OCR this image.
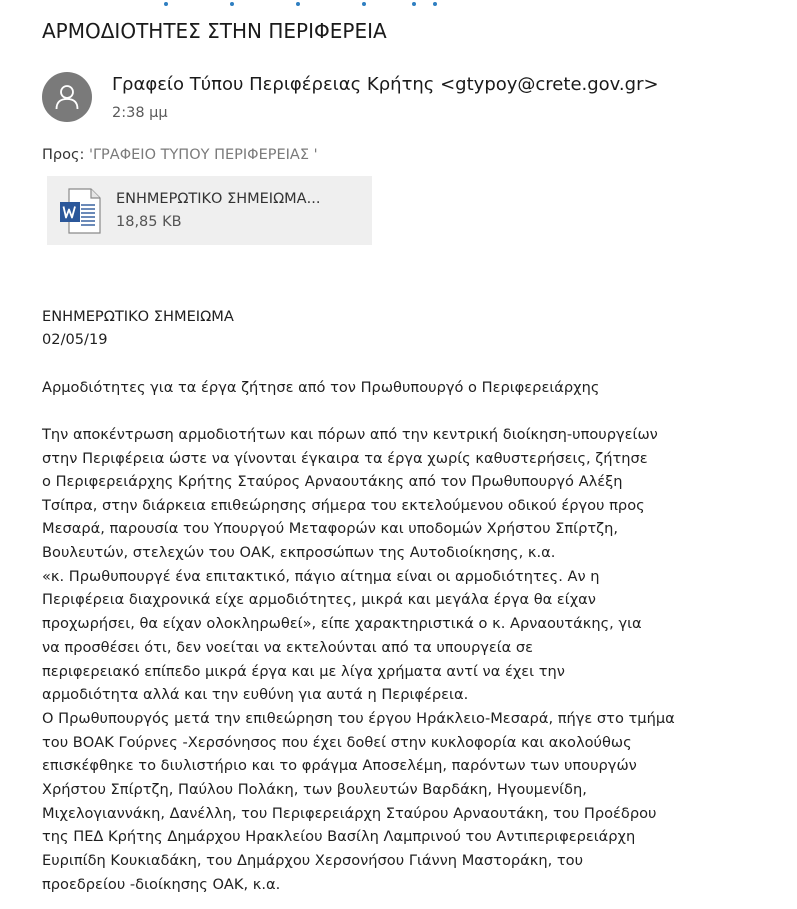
ΑΡΜΟΔΙΟΤΗΤΕΣ ΣΤΗΝ ΠΕΡΙΦΕΡΕΙΑ
Γραφείο Τύπου Περιφέρειας Κρήτης <gtypoy@crete.gov.gr>
2:38 μμ
Προς: 'ΓΡΑΦΕΙΟ ΤΥΠΟΥ ΠΕΡΙΦΕΡΕΙΑΣ '
ΕΝΗΜΕΡΩΤΙΚΟ ΣΗΜΕΙΩΜΑ...
18,85 KB
ΕΝΗΜΕΡΩΤΙΚΟ ΣΗΜΕΙΩΜΑ
02/05/19
Αρμοδιότητες για τα έργα ζήτησε από τον Πρωθυπουργό ο Περιφερειάρχης
Την αποκέντρωση αρμοδιοτήτων και πόρων από την κεντρική διοίκηση-υπουργείων
στην Περιφέρεια ώστε να γίνονται έγκαιρα τα έργα χωρίς καθυστερήσεις, ζήτησε
ο Περιφερειάρχης Κρήτης Σταύρος Αρναουτάκης από τον Πρωθυπουργό Αλέξη
Τσίπρα, στην διάρκεια επιθεώρησης σήμερα του εκτελούμενου οδικού έργου προς
Μεσαρά, παρουσία του Υπουργού Μεταφορών και υποδομών Χρήστου Σπίρτζη,
Βουλευτών, στελεχών του ΟΑΚ, εκπροσώπων της Αυτοδιοίκησης, κ.α.
«κ. Πρωθυπουργέ ένα επιτακτικό, πάγιο αίτημα είναι οι αρμοδιότητες. Αν η
Περιφέρεια διαχρονικά είχε αρμοδιότητες, μικρά και μεγάλα έργα θα είχαν
προχωρήσει, θα είχαν ολοκληρωθεί», είπε χαρακτηριστικά ο κ. Αρναουτάκης, για
να προσθέσει ότι, δεν νοείται να εκτελούνται από τα υπουργεία σε
περιφερειακό επίπεδο μικρά έργα και με λίγα χρήματα αντί να έχει την
αρμοδιότητα αλλά και την ευθύνη για αυτά η Περιφέρεια.
Ο Πρωθυπουργός μετά την επιθεώρηση του έργου Ηράκλειο-Μεσαρά, πήγε στο τμήμα
του ΒΟΑΚ Γούρνες -Χερσόνησος που έχει δοθεί στην κυκλοφορία και ακολούθως
επισκέφθηκε το διυλιστήριο και το φράγμα Αποσελέμη, παρόντων των υπουργών
Χρήστου Σπίρτζη, Παύλου Πολάκη, των βουλευτών Βαρδάκη, Ηγουμενίδη,
Μιχελογιαννάκη, Δανέλλη, του Περιφερειάρχη Σταύρου Αρναουτάκη, του Προέδρου
της ΠΕΔ Κρήτης Δημάρχου Ηρακλείου Βασίλη Λαμπρινού του Αντιπεριφερειάρχη
Ευριπίδη Κουκιαδάκη, του Δημάρχου Χερσονήσου Γιάννη Μαστοράκη, του
προεδρείου -διοίκησης ΟΑΚ, κ.α.
